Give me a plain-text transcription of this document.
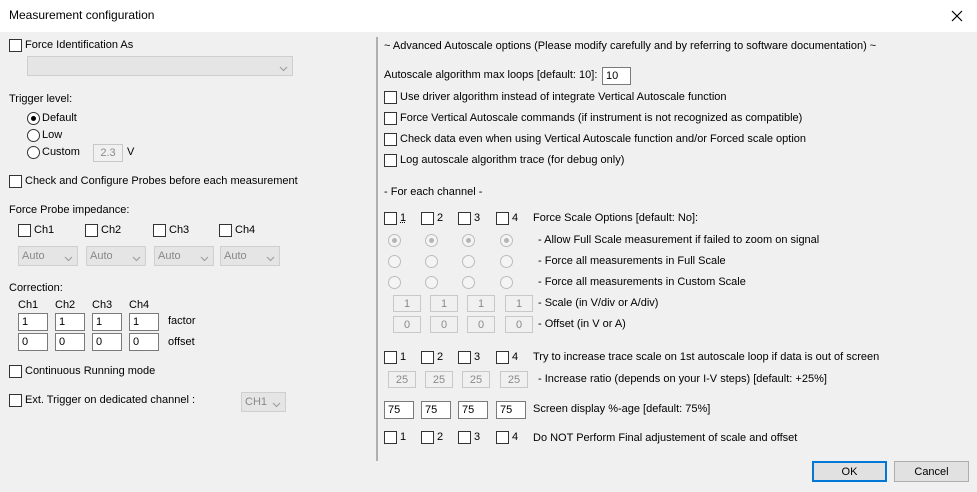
Measurement configuration
Force Identification As
Trigger level:
Default
Low
Custom	2.3	V
Check and Configure Probes before each measurement
Force Probe impedance:
Ch1	Ch2	Ch3	Ch4
Auto	Auto	Auto	Auto
Correction:
Ch1 Ch2 Ch3 Ch4
1	1	1	1	factor
0	0	0	0	offset
Continuous Running mode
Ext. Trigger on dedicated channel :	CH1
~ Advanced Autoscale options (Please modify carefully and by referring to software documentation) ~
Autoscale algorithm max loops [default: 10]: 10
Use driver algorithm instead of integrate Vertical Autoscale function
Force Vertical Autoscale commands (if instrument is not recognized as compatible)
Check data even when using Vertical Autoscale function and/or Forced scale option
Log autoscale algorithm trace (for debug only)
- For each channel -
1	2	3	4 Force Scale Options [default: No]:
- Allow Full Scale measurement if failed to zoom on signal
- Force all measurements in Full Scale
- Force all measurements in Custom Scale
1	1	1	1	- Scale (in V/div or A/div)
0	0	0	0	- Offset (in V or A)
1	2	3	4 Try to increase trace scale on 1st autoscale loop if data is out of screen
25	25	25	25	- Increase ratio (depends on your I-V steps) [default: +25%]
75	75	75	75	Screen display %-age [default: 75%]
1	2	3	4 Do NOT Perform Final adjustement of scale and offset
OK	Cancel
